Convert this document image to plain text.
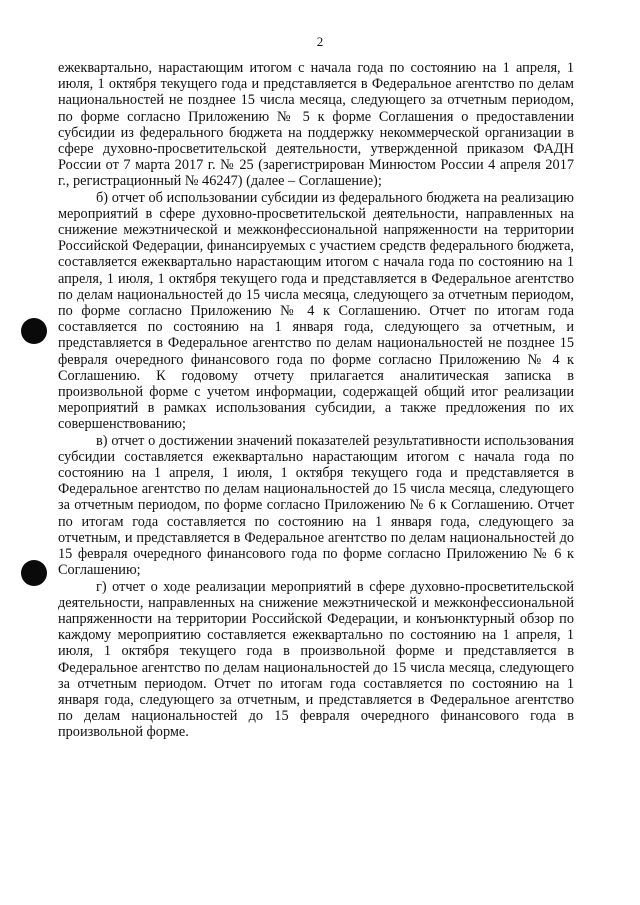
2

ежеквартально, нарастающим итогом с начала года по состоянию на 1 апреля, 1 июля, 1 октября текущего года и представляется в Федеральное агентство по делам национальностей не позднее 15 числа месяца, следующего за отчетным периодом, по форме согласно Приложению № 5 к форме Соглашения о предоставлении субсидии из федерального бюджета на поддержку некоммерческой организации в сфере духовно-просветительской деятельности, утвержденной приказом ФАДН России от 7 марта 2017 г. № 25 (зарегистрирован Минюстом России 4 апреля 2017 г., регистрационный № 46247) (далее – Соглашение);

б) отчет об использовании субсидии из федерального бюджета на реализацию мероприятий в сфере духовно-просветительской деятельности, направленных на снижение межэтнической и межконфессиональной напряженности на территории Российской Федерации, финансируемых с участием средств федерального бюджета, составляется ежеквартально нарастающим итогом с начала года по состоянию на 1 апреля, 1 июля, 1 октября текущего года и представляется в Федеральное агентство по делам национальностей до 15 числа месяца, следующего за отчетным периодом, по форме согласно Приложению № 4 к Соглашению. Отчет по итогам года составляется по состоянию на 1 января года, следующего за отчетным, и представляется в Федеральное агентство по делам национальностей не позднее 15 февраля очередного финансового года по форме согласно Приложению № 4 к Соглашению. К годовому отчету прилагается аналитическая записка в произвольной форме с учетом информации, содержащей общий итог реализации мероприятий в рамках использования субсидии, а также предложения по их совершенствованию;

в) отчет о достижении значений показателей результативности использования субсидии составляется ежеквартально нарастающим итогом с начала года по состоянию на 1 апреля, 1 июля, 1 октября текущего года и представляется в Федеральное агентство по делам национальностей до 15 числа месяца, следующего за отчетным периодом, по форме согласно Приложению № 6 к Соглашению. Отчет по итогам года составляется по состоянию на 1 января года, следующего за отчетным, и представляется в Федеральное агентство по делам национальностей до 15 февраля очередного финансового года по форме согласно Приложению № 6 к Соглашению;

г) отчет о ходе реализации мероприятий в сфере духовно-просветительской деятельности, направленных на снижение межэтнической и межконфессиональной напряженности на территории Российской Федерации, и конъюнктурный обзор по каждому мероприятию составляется ежеквартально по состоянию на 1 апреля, 1 июля, 1 октября текущего года в произвольной форме и представляется в Федеральное агентство по делам национальностей до 15 числа месяца, следующего за отчетным периодом. Отчет по итогам года составляется по состоянию на 1 января года, следующего за отчетным, и представляется в Федеральное агентство по делам национальностей до 15 февраля очередного финансового года в произвольной форме.
